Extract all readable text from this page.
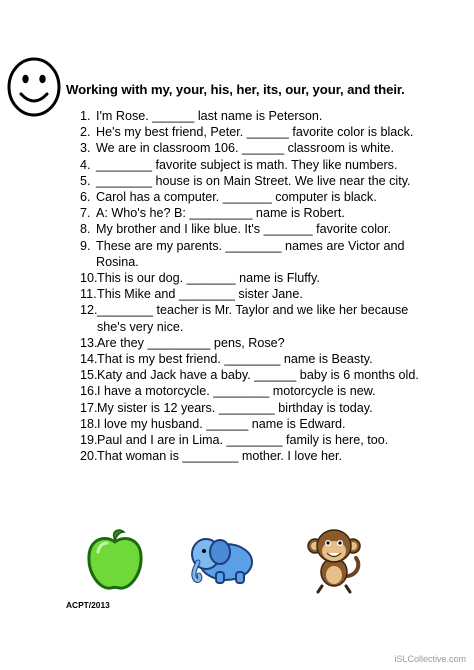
Working with my, your, his, her, its, our, your, and their.
1. I'm Rose. ______ last name is Peterson.
2. He's my best friend, Peter. ______ favorite color is black.
3. We are in classroom 106. ______ classroom is white.
4. ________ favorite subject is math. They like numbers.
5. ________ house is on Main Street. We live near the city.
6. Carol has a computer. _______ computer is black.
7. A: Who's he? B: _________ name is Robert.
8. My brother and I like blue. It's _______ favorite color.
9. These are my parents. ________ names are Victor and Rosina.
10. This is our dog. _______ name is Fluffy.
11. This Mike and ________ sister Jane.
12. ________ teacher is Mr. Taylor and we like her because she's very nice.
13. Are they _________ pens, Rose?
14. That is my best friend. ________ name is Beasty.
15. Katy and Jack have a baby. ______ baby is 6 months old.
16. I have a motorcycle. ________ motorcycle is new.
17. My sister is 12 years. ________ birthday is today.
18. I love my husband. ______ name is Edward.
19. Paul and I are in Lima. ________ family is here, too.
20. That woman is ________ mother. I love her.
ACPT/2013
iSLCollective.com
